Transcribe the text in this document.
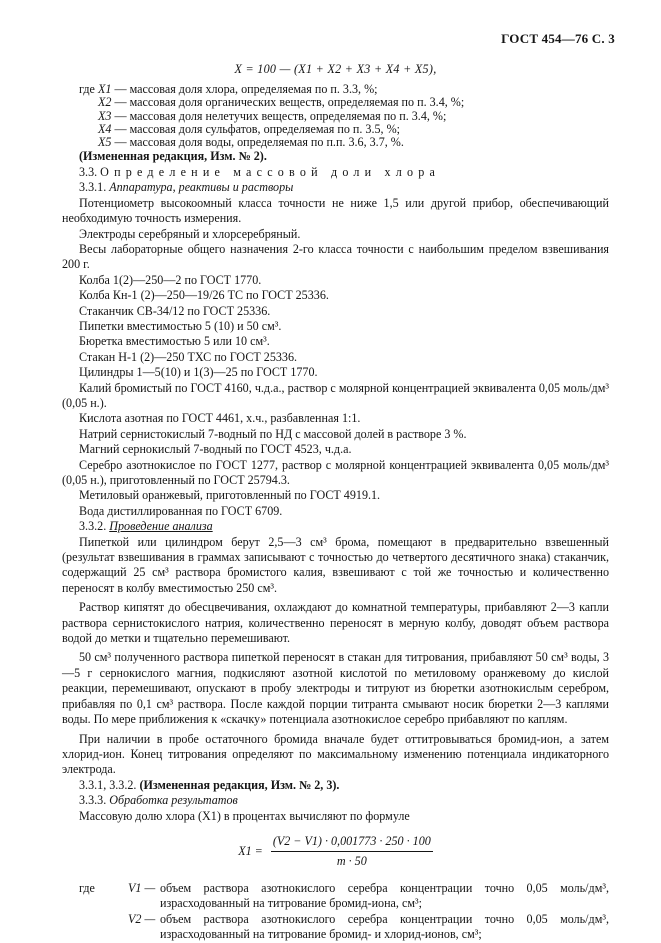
ГОСТ 454—76 С. 3
X = 100 — (X1 + X2 + X3 + X4 + X5),
где X1 — массовая доля хлора, определяемая по п. 3.3, %;
X2 — массовая доля органических веществ, определяемая по п. 3.4, %;
X3 — массовая доля нелетучих веществ, определяемая по п. 3.4, %;
X4 — массовая доля сульфатов, определяемая по п. 3.5, %;
X5 — массовая доля воды, определяемая по п.п. 3.6, 3.7, %.

(Измененная редакция, Изм. № 2).

3.3. Определение массовой доли хлора

3.3.1. Аппаратура, реактивы и растворы

Потенциометр высокоомный класса точности не ниже 1,5 или другой прибор, обеспечивающий необходимую точность измерения.

Электроды серебряный и хлорсеребряный.

Весы лабораторные общего назначения 2-го класса точности с наибольшим пределом взвешивания 200 г.

Колба 1(2)—250—2 по ГОСТ 1770.

Колба Кн-1 (2)—250—19/26 ТС по ГОСТ 25336.

Стаканчик СВ-34/12 по ГОСТ 25336.

Пипетки вместимостью 5 (10) и 50 см³.

Бюретка вместимостью 5 или 10 см³.

Стакан Н-1 (2)—250 ТХС по ГОСТ 25336.

Цилиндры 1—5(10) и 1(3)—25 по ГОСТ 1770.

Калий бромистый по ГОСТ 4160, ч.д.а., раствор с молярной концентрацией эквивалента 0,05 моль/дм³ (0,05 н.).

Кислота азотная по ГОСТ 4461, х.ч., разбавленная 1:1.

Натрий сернистокислый 7-водный по НД с массовой долей в растворе 3 %.

Магний сернокислый 7-водный по ГОСТ 4523, ч.д.а.

Серебро азотнокислое по ГОСТ 1277, раствор с молярной концентрацией эквивалента 0,05 моль/дм³ (0,05 н.), приготовленный по ГОСТ 25794.3.

Метиловый оранжевый, приготовленный по ГОСТ 4919.1.

Вода дистиллированная по ГОСТ 6709.

3.3.2. Проведение анализа

Пипеткой или цилиндром берут 2,5—3 см³ брома, помещают в предварительно взвешенный (результат взвешивания в граммах записывают с точностью до четвертого десятичного знака) стаканчик, содержащий 25 см³ раствора бромистого калия, взвешивают с той же точностью и количественно переносят в колбу вместимостью 250 см³.

Раствор кипятят до обесцвечивания, охлаждают до комнатной температуры, прибавляют 2—3 капли раствора сернистокислого натрия, количественно переносят в мерную колбу, доводят объем раствора водой до метки и тщательно перемешивают.

50 см³ полученного раствора пипеткой переносят в стакан для титрования, прибавляют 50 см³ воды, 3—5 г сернокислого магния, подкисляют азотной кислотой по метиловому оранжевому до кислой реакции, перемешивают, опускают в пробу электроды и титруют из бюретки азотнокислым серебром, прибавляя по 0,1 см³ раствора. После каждой порции титранта смывают носик бюретки 2—3 каплями воды. По мере приближения к «скачку» потенциала азотнокислое серебро прибавляют по каплям.

При наличии в пробе остаточного бромида вначале будет оттитровываться бромид-ион, а затем хлорид-ион. Конец титрования определяют по максимальному изменению потенциала индикаторного электрода.

3.3.1, 3.3.2. (Измененная редакция, Изм. № 2, 3).

3.3.3. Обработка результатов

Массовую долю хлора (X1) в процентах вычисляют по формуле

$X1 = \frac{(V2 - V1) \cdot 0,001773 \cdot 250 \cdot 100}{m \cdot 50}$
где	V1 — объем раствора азотнокислого серебра концентрации точно 0,05 моль/дм³, израсходованный на титрование бромид-иона, см³;
V2 — объем раствора азотнокислого серебра концентрации точно 0,05 моль/дм³, израсходованный на титрование бромид- и хлорид-ионов, см³;
